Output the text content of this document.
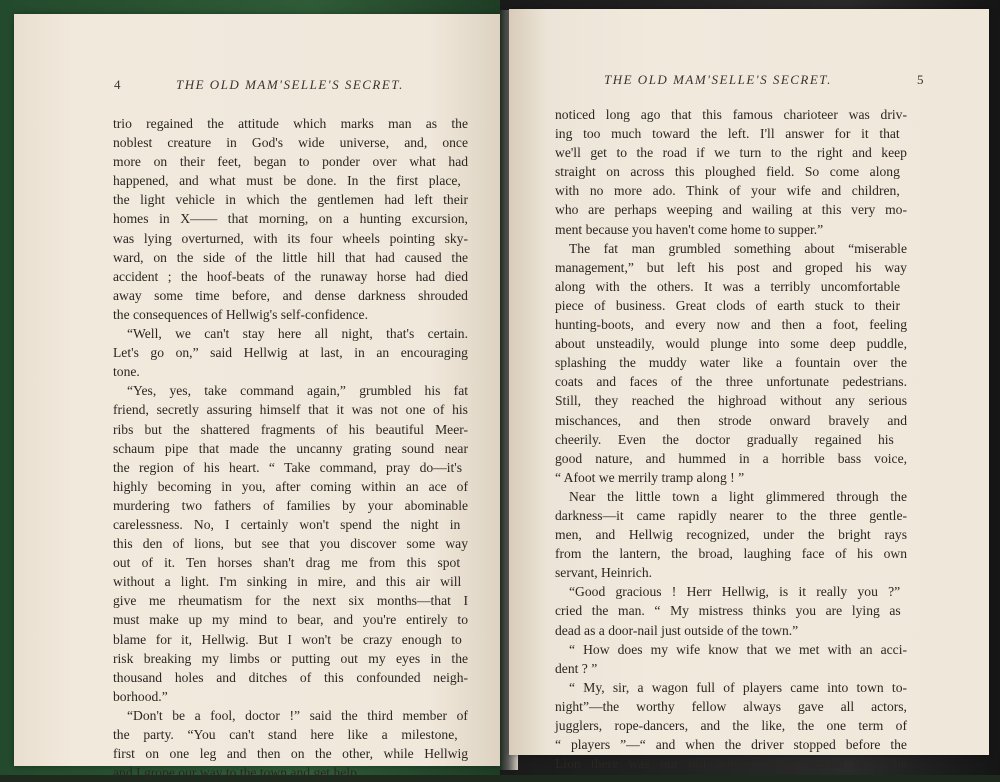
4	THE OLD MAM'SELLE'S SECRET.
trio regained the attitude which marks man as the
noblest creature in God's wide universe, and, once
more on their feet, began to ponder over what had
happened, and what must be done. In the first place,
the light vehicle in which the gentlemen had left their
homes in X—— that morning, on a hunting excursion,
was lying overturned, with its four wheels pointing sky-
ward, on the side of the little hill that had caused the
accident ; the hoof-beats of the runaway horse had died
away some time before, and dense darkness shrouded
the consequences of Hellwig's self-confidence.
“Well, we can't stay here all night, that's certain.
Let's go on,” said Hellwig at last, in an encouraging
tone.
“Yes, yes, take command again,” grumbled his fat
friend, secretly assuring himself that it was not one of his
ribs but the shattered fragments of his beautiful Meer-
schaum pipe that made the uncanny grating sound near
the region of his heart. “ Take command, pray do—it's
highly becoming in you, after coming within an ace of
murdering two fathers of families by your abominable
carelessness. No, I certainly won't spend the night in
this den of lions, but see that you discover some way
out of it. Ten horses shan't drag me from this spot
without a light. I'm sinking in mire, and this air will
give me rheumatism for the next six months—that I
must make up my mind to bear, and you're entirely to
blame for it, Hellwig. But I won't be crazy enough to
risk breaking my limbs or putting out my eyes in the
thousand holes and ditches of this confounded neigh-
borhood.”
“Don't be a fool, doctor !” said the third member of
the party. “You can't stand here like a milestone,
first on one leg and then on the other, while Hellwig
and I grope our way to the town and get help.
THE OLD MAM'SELLE'S SECRET.	5
noticed long ago that this famous charioteer was driv-
ing too much toward the left. I'll answer for it that
we'll get to the road if we turn to the right and keep
straight on across this ploughed field. So come along
with no more ado. Think of your wife and children,
who are perhaps weeping and wailing at this very mo-
ment because you haven't come home to supper.”
The fat man grumbled something about “miserable
management,” but left his post and groped his way
along with the others. It was a terribly uncomfortable
piece of business. Great clods of earth stuck to their
hunting-boots, and every now and then a foot, feeling
about unsteadily, would plunge into some deep puddle,
splashing the muddy water like a fountain over the
coats and faces of the three unfortunate pedestrians.
Still, they reached the highroad without any serious
mischances, and then strode onward bravely and
cheerily. Even the doctor gradually regained his
good nature, and hummed in a horrible bass voice,
“ Afoot we merrily tramp along ! ”
Near the little town a light glimmered through the
darkness—it came rapidly nearer to the three gentle-
men, and Hellwig recognized, under the bright rays
from the lantern, the broad, laughing face of his own
servant, Heinrich.
“Good gracious ! Herr Hellwig, is it really you ?”
cried the man. “ My mistress thinks you are lying as
dead as a door-nail just outside of the town.”
“ How does my wife know that we met with an acci-
dent ? ”
“ My, sir, a wagon full of players came into town to-
night”—the worthy fellow always gave all actors,
jugglers, rope-dancers, and the like, the one term of
“ players ”—“ and when the driver stopped before the
Lion there was our old horse trotting behind as if he
